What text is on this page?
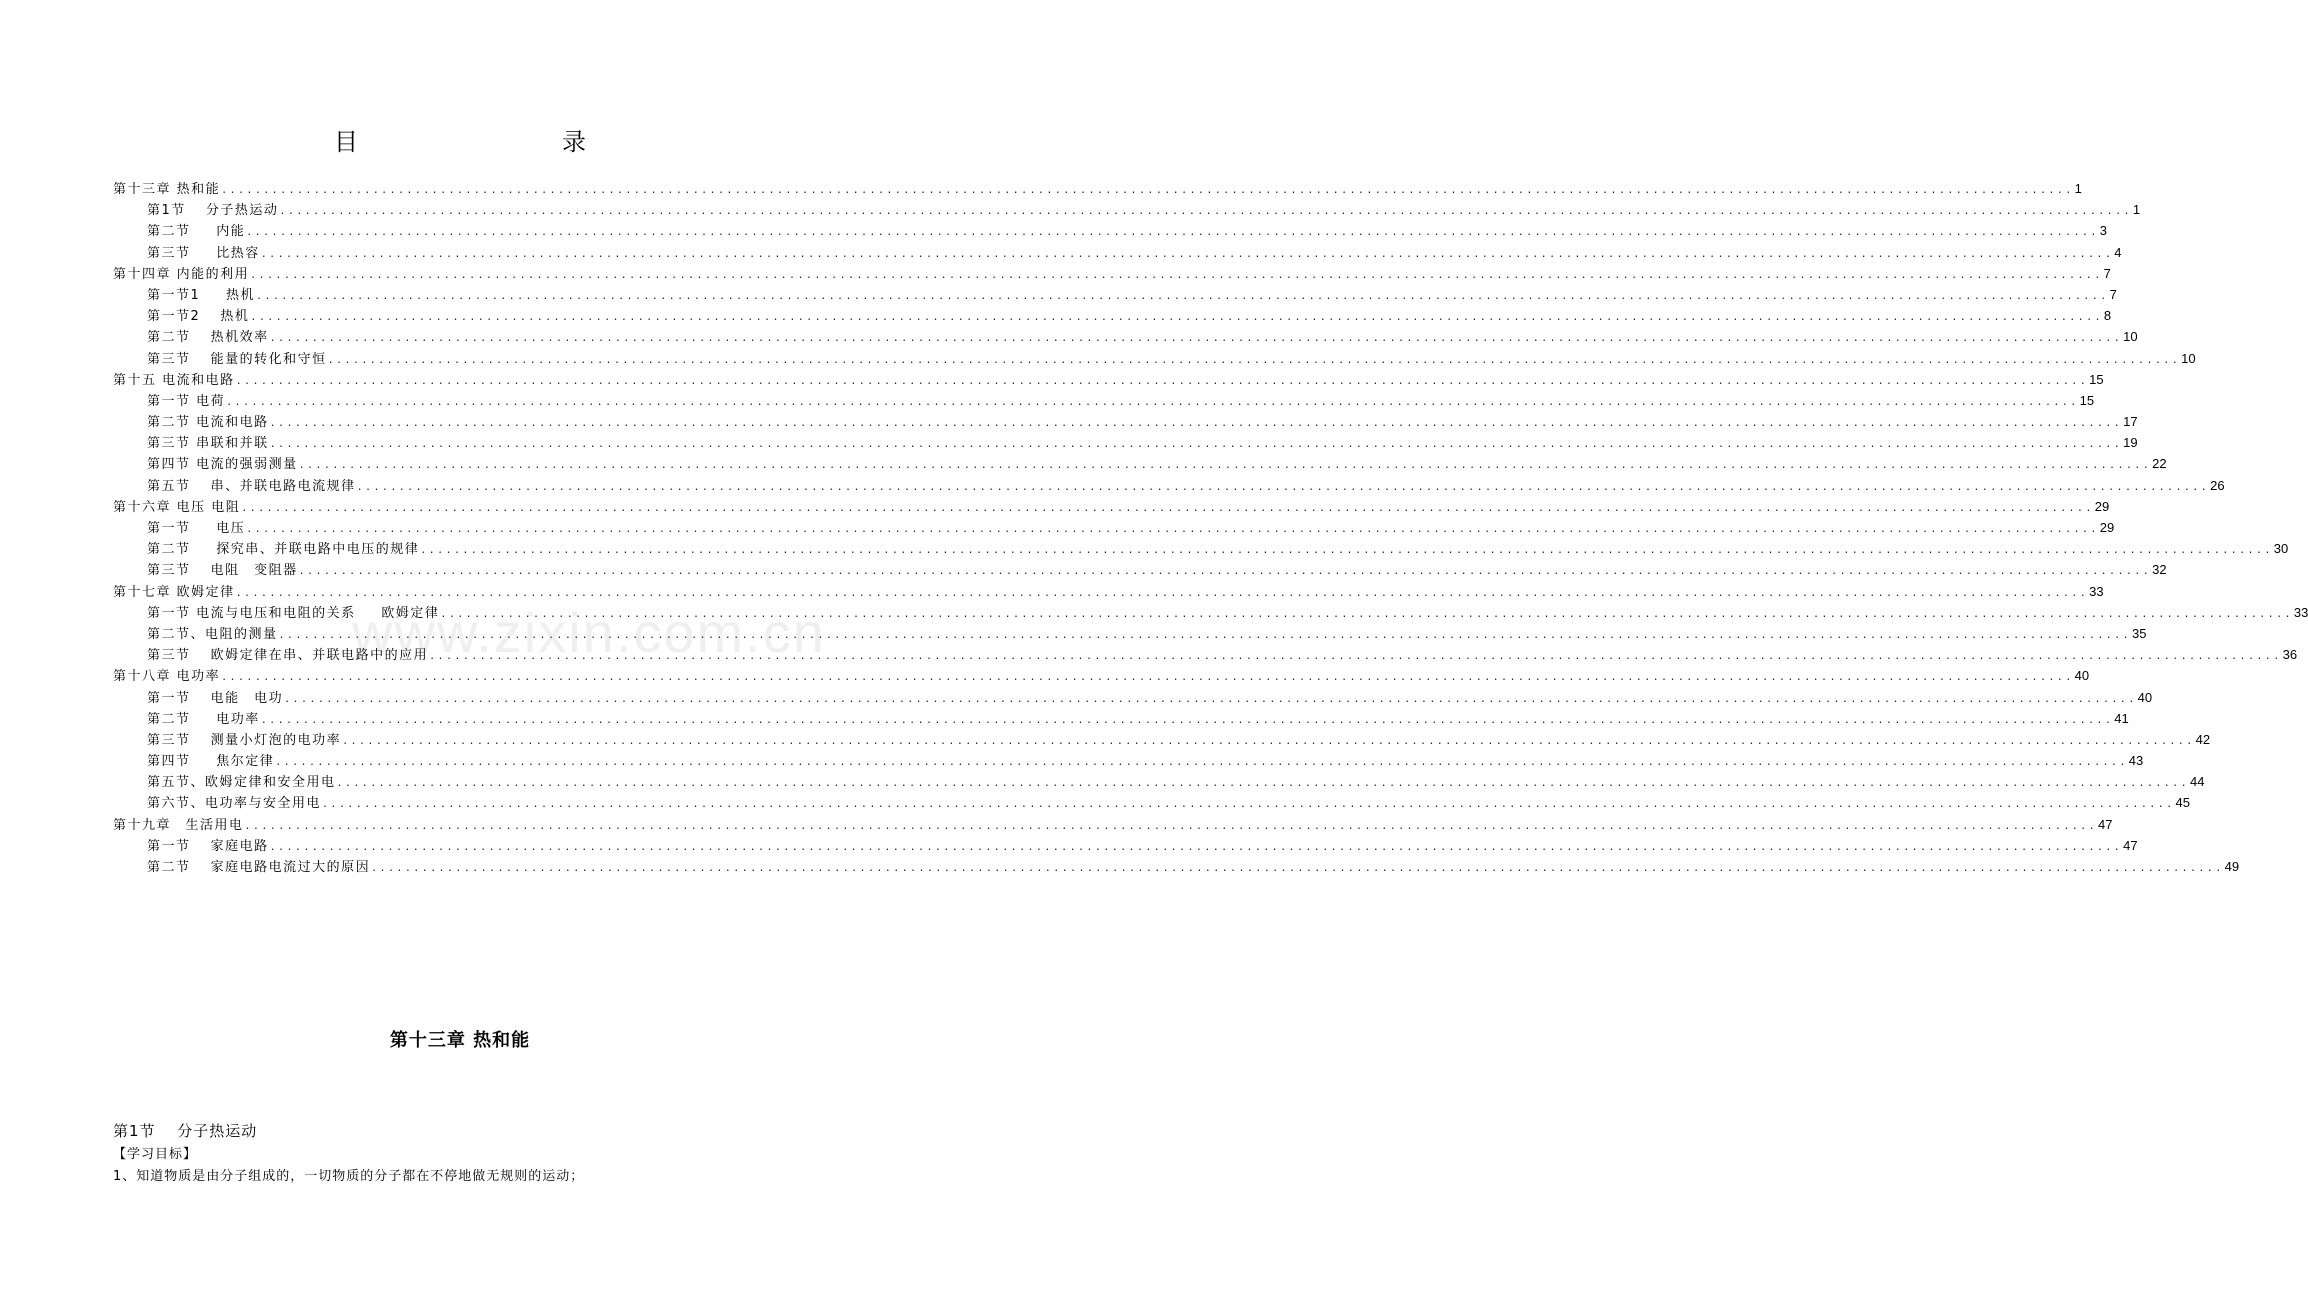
目　录
第十三章 热和能 ............................................................................................................................................................................................................................ 1
第1节　 分子热运动 ............................................................................................................................................................................................................................ 1
第二节　  内能 ............................................................................................................................................................................................................................ 3
第三节　  比热容 ............................................................................................................................................................................................................................ 4
第十四章 内能的利用 ............................................................................................................................................................................................................................ 7
第一节1　  热机 ............................................................................................................................................................................................................................ 7
第一节2　 热机 ............................................................................................................................................................................................................................ 8
第二节　 热机效率 ............................................................................................................................................................................................................................ 10
第三节　 能量的转化和守恒 ............................................................................................................................................................................................................................ 10
第十五 电流和电路 ............................................................................................................................................................................................................................ 15
第一节 电荷 ............................................................................................................................................................................................................................ 15
第二节 电流和电路 ............................................................................................................................................................................................................................ 17
第三节 串联和并联 ............................................................................................................................................................................................................................ 19
第四节 电流的强弱测量 ............................................................................................................................................................................................................................ 22
第五节　 串、并联电路电流规律 ............................................................................................................................................................................................................................ 26
第十六章 电压 电阻 ............................................................................................................................................................................................................................ 29
第一节　  电压 ............................................................................................................................................................................................................................ 29
第二节　  探究串、并联电路中电压的规律 ............................................................................................................................................................................................................................ 30
第三节　 电阻　变阻器 ............................................................................................................................................................................................................................ 32
第十七章 欧姆定律 ............................................................................................................................................................................................................................ 33
第一节 电流与电压和电阻的关系　  欧姆定律 ............................................................................................................................................................................................................................ 33
第二节、电阻的测量 ............................................................................................................................................................................................................................ 35
第三节　 欧姆定律在串、并联电路中的应用 ............................................................................................................................................................................................................................ 36
第十八章 电功率 ............................................................................................................................................................................................................................ 40
第一节　 电能　电功 ............................................................................................................................................................................................................................ 40
第二节　  电功率 ............................................................................................................................................................................................................................ 41
第三节　 测量小灯泡的电功率 ............................................................................................................................................................................................................................ 42
第四节　  焦尔定律 ............................................................................................................................................................................................................................ 43
第五节、欧姆定律和安全用电 ............................................................................................................................................................................................................................ 44
第六节、电功率与安全用电 ............................................................................................................................................................................................................................ 45
第十九章　生活用电 ............................................................................................................................................................................................................................ 47
第一节　 家庭电路 ............................................................................................................................................................................................................................ 47
第二节　 家庭电路电流过大的原因 ............................................................................................................................................................................................................................ 49
www.zixin.com.cn
第十三章 热和能
第1节　 分子热运动
【学习目标】
1、知道物质是由分子组成的，一切物质的分子都在不停地做无规则的运动；
